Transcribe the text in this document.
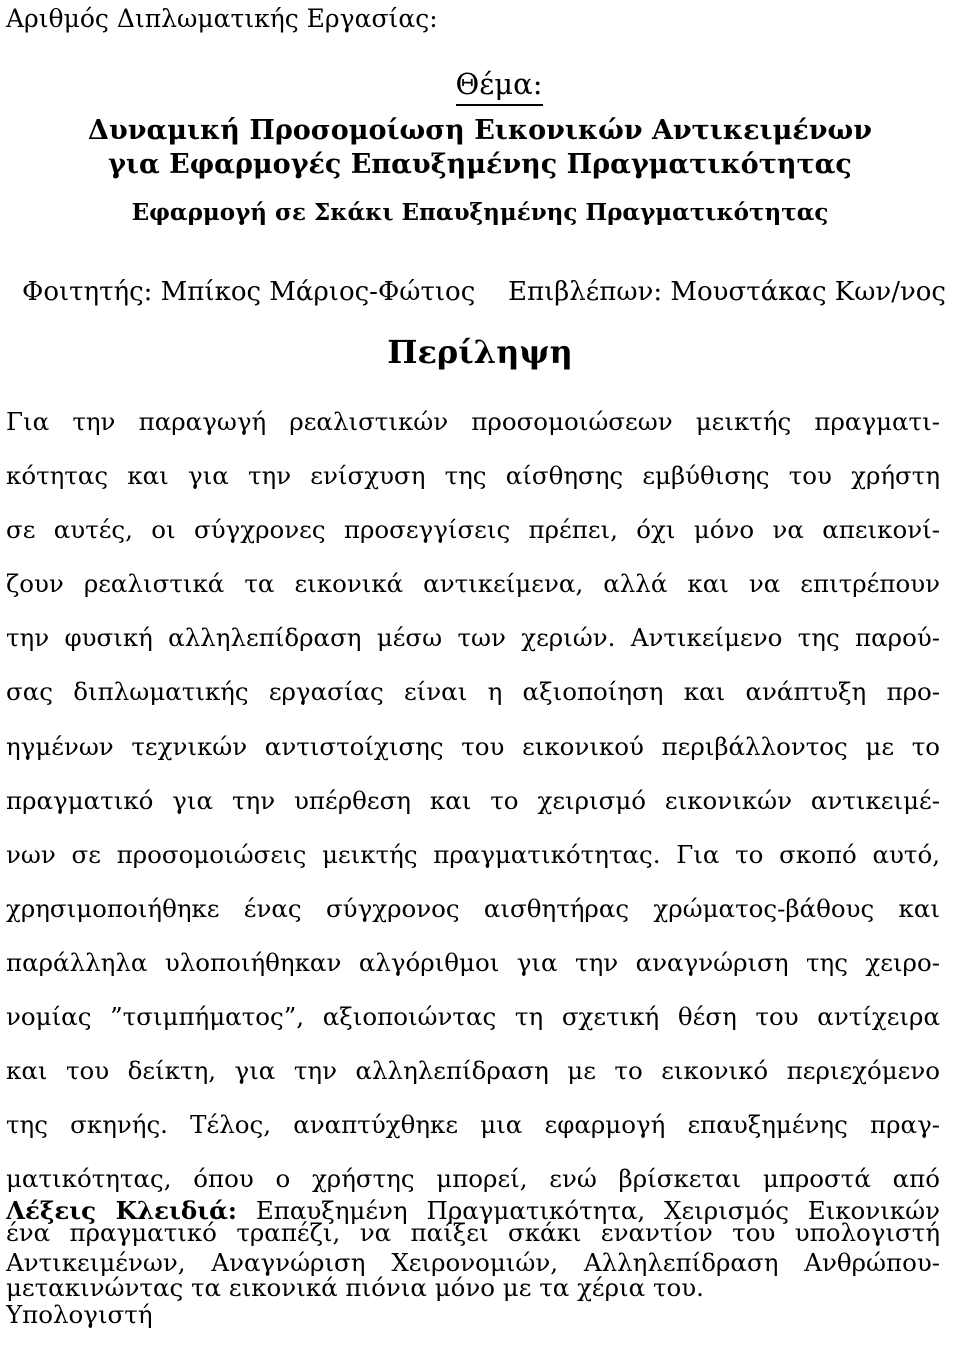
Αριθμός Διπλωματικής Εργασίας:
Θέμα:
Δυναμική Προσομοίωση Εικονικών Αντικειμένων
για Εφαρμογές Επαυξημένης Πραγματικότητας
Εφαρμογή σε Σκάκι Επαυξημένης Πραγματικότητας
Φοιτητής: Μπίκος Μάριος-Φώτιος Επιβλέπων: Μουστάκας Κων/νος
Περίληψη
Για την παραγωγή ρεαλιστικών προσομοιώσεων μεικτής πραγματι-
κότητας και για την ενίσχυση της αίσθησης εμβύθισης του χρήστη
σε αυτές, οι σύγχρονες προσεγγίσεις πρέπει, όχι μόνο να απεικονί-
ζουν ρεαλιστικά τα εικονικά αντικείμενα, αλλά και να επιτρέπουν
την φυσική αλληλεπίδραση μέσω των χεριών. Αντικείμενο της παρού-
σας διπλωματικής εργασίας είναι η αξιοποίηση και ανάπτυξη προ-
ηγμένων τεχνικών αντιστοίχισης του εικονικού περιβάλλοντος με το
πραγματικό για την υπέρθεση και το χειρισμό εικονικών αντικειμέ-
νων σε προσομοιώσεις μεικτής πραγματικότητας. Για το σκοπό αυτό,
χρησιμοποιήθηκε ένας σύγχρονος αισθητήρας χρώματος-βάθους και
παράλληλα υλοποιήθηκαν αλγόριθμοι για την αναγνώριση της χειρο-
νομίας ”τσιμπήματος”, αξιοποιώντας τη σχετική θέση του αντίχειρα
και του δείκτη, για την αλληλεπίδραση με το εικονικό περιεχόμενο
της σκηνής. Τέλος, αναπτύχθηκε μια εφαρμογή επαυξημένης πραγ-
ματικότητας, όπου ο χρήστης μπορεί, ενώ βρίσκεται μπροστά από
ένα πραγματικό τραπέζι, να παίξει σκάκι εναντίον του υπολογιστή
μετακινώντας τα εικονικά πιόνια μόνο με τα χέρια του.
Λέξεις Κλειδιά: Επαυξημένη Πραγματικότητα, Χειρισμός Εικονικών
Αντικειμένων, Αναγνώριση Χειρονομιών, Αλληλεπίδραση Ανθρώπου-
Υπολογιστή
